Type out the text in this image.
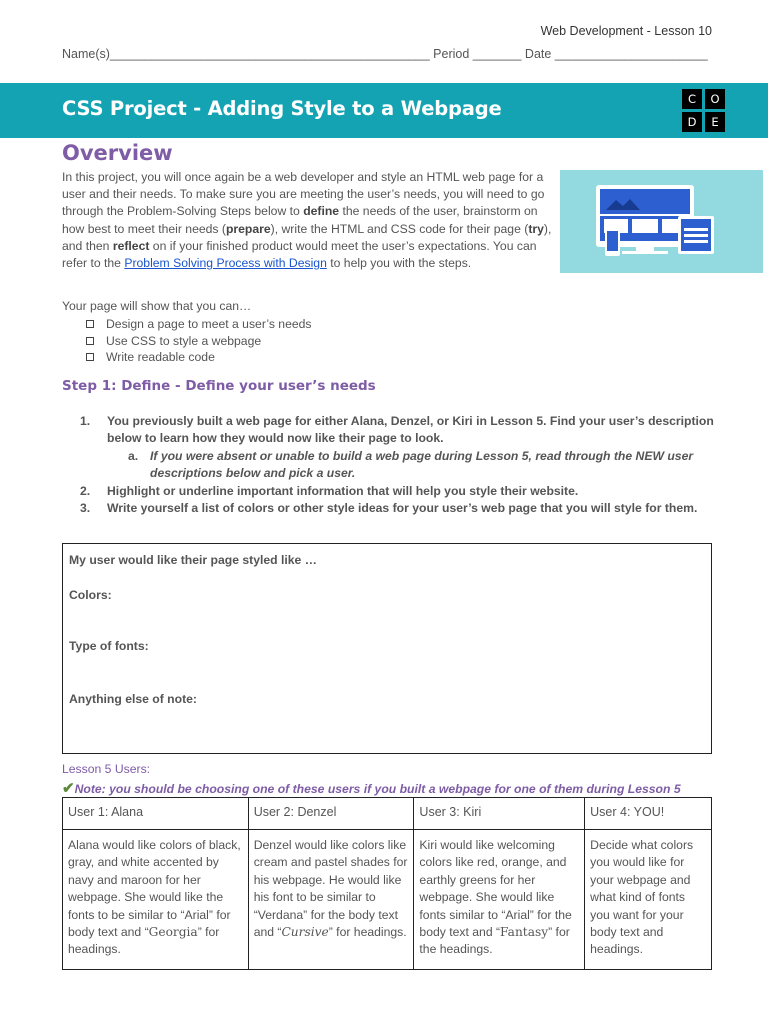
Web Development - Lesson 10
Name(s)______________________________________________ Period _______ Date ______________________
CSS Project - Adding Style to a Webpage	C	O
D	E
Overview
In this project, you will once again be a web developer and style an HTML web page for a user and their needs. To make sure you are meeting the user’s needs, you will need to go through the Problem-Solving Steps below to define the needs of the user, brainstorm on how best to meet their needs (prepare), write the HTML and CSS code for their page (try), and then reflect on if your finished product would meet the user’s expectations. You can refer to the Problem Solving Process with Design to help you with the steps.
Your page will show that you can…
Design a page to meet a user’s needs
Use CSS to style a webpage
Write readable code
Step 1: Define - Define your user’s needs
1.	You previously built a web page for either Alana, Denzel, or Kiri in Lesson 5. Find your user’s description below to learn how they would now like their page to look.
a. If you were absent or unable to build a web page during Lesson 5, read through the NEW user descriptions below and pick a user.
2.	Highlight or underline important information that will help you style their website.
3.	Write yourself a list of colors or other style ideas for your user’s web page that you will style for them.
My user would like their page styled like …
Colors:
Type of fonts:
Anything else of note:
Lesson 5 Users:
✔Note: you should be choosing one of these users if you built a webpage for one of them during Lesson 5
User 1: Alana	User 2: Denzel	User 3: Kiri	User 4: YOU!
Alana would like colors of black, gray, and white accented by navy and maroon for her webpage. She would like the fonts to be similar to “Arial” for body text and “Georgia” for headings.	Denzel would like colors like cream and pastel shades for his webpage. He would like his font to be similar to “Verdana” for the body text and “Cursive” for headings.	Kiri would like welcoming colors like red, orange, and earthly greens for her webpage. She would like fonts similar to “Arial” for the body text and “Fantasy” for the headings.	Decide what colors you would like for your webpage and what kind of fonts you want for your body text and headings.
